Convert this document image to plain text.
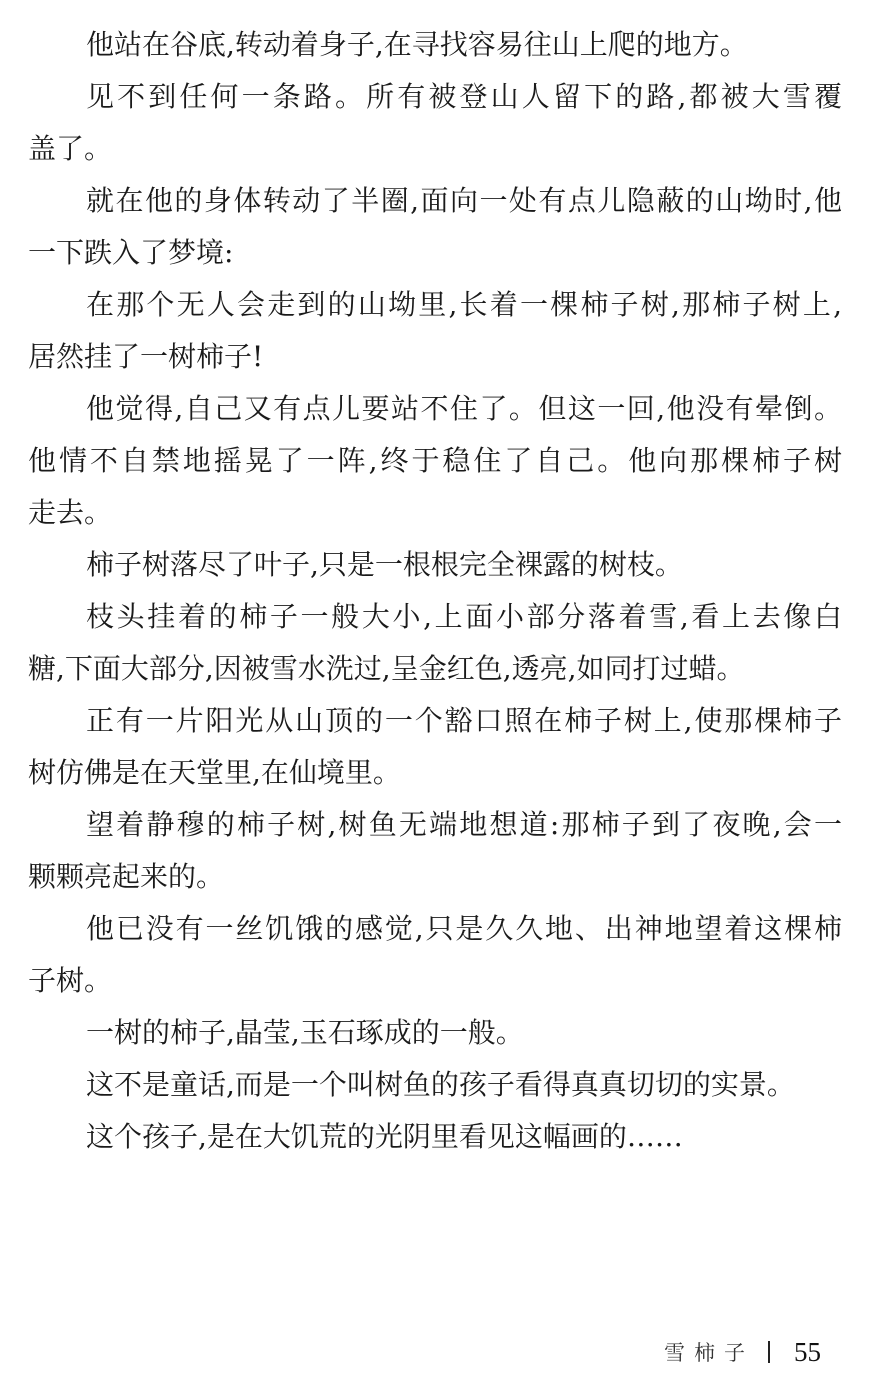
他站在谷底,转动着身子,在寻找容易往山上爬的地方。
见不到任何一条路。所有被登山人留下的路,都被大雪覆
盖了。
就在他的身体转动了半圈,面向一处有点儿隐蔽的山坳时,他
一下跌入了梦境:
在那个无人会走到的山坳里,长着一棵柿子树,那柿子树上,
居然挂了一树柿子!
他觉得,自己又有点儿要站不住了。但这一回,他没有晕倒。
他情不自禁地摇晃了一阵,终于稳住了自己。他向那棵柿子树
走去。
柿子树落尽了叶子,只是一根根完全裸露的树枝。
枝头挂着的柿子一般大小,上面小部分落着雪,看上去像白
糖,下面大部分,因被雪水洗过,呈金红色,透亮,如同打过蜡。
正有一片阳光从山顶的一个豁口照在柿子树上,使那棵柿子
树仿佛是在天堂里,在仙境里。
望着静穆的柿子树,树鱼无端地想道:那柿子到了夜晚,会一
颗颗亮起来的。
他已没有一丝饥饿的感觉,只是久久地、出神地望着这棵柿
子树。
一树的柿子,晶莹,玉石琢成的一般。
这不是童话,而是一个叫树鱼的孩子看得真真切切的实景。
这个孩子,是在大饥荒的光阴里看见这幅画的……
雪柿子 55
